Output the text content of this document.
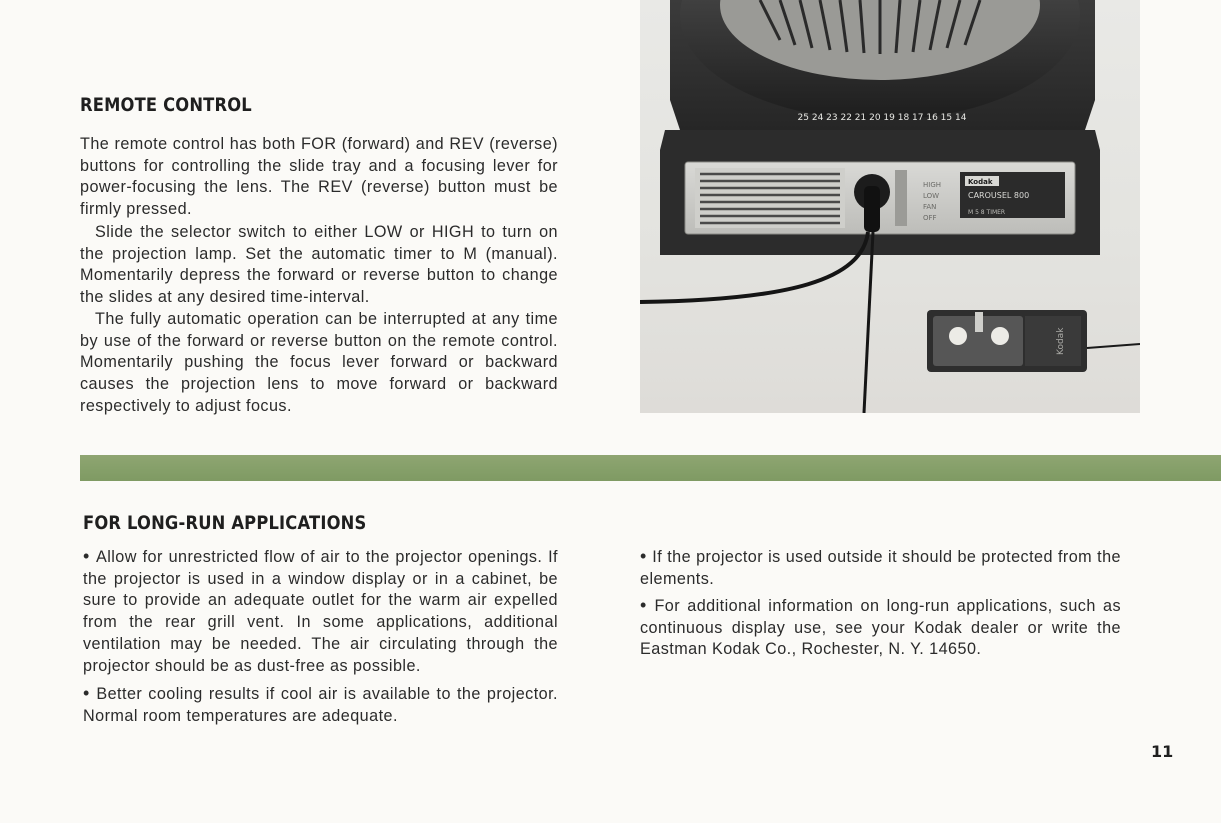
REMOTE CONTROL

The remote control has both FOR (forward) and REV (reverse) buttons for controlling the slide tray and a focusing lever for power-focusing the lens. The REV (reverse) button must be firmly pressed.

Slide the selector switch to either LOW or HIGH to turn on the projection lamp. Set the automatic timer to M (manual). Momentarily depress the forward or reverse button to change the slides at any desired time-interval.

The fully automatic operation can be interrupted at any time by use of the forward or reverse button on the remote control. Momentarily pushing the focus lever forward or backward causes the projection lens to move forward or backward respectively to adjust focus.

25 24 23 22 21 20 19 18 17 16 15 14
HIGH
LOW
FAN
OFF
Kodak
CAROUSEL 800
M 5 8 TIMER
Kodak
FOR LONG-RUN APPLICATIONS

• Allow for unrestricted flow of air to the projector openings. If the projector is used in a window display or in a cabinet, be sure to provide an adequate outlet for the warm air expelled from the rear grill vent. In some applications, additional ventilation may be needed. The air circulating through the projector should be as dust-free as possible.

• Better cooling results if cool air is available to the projector. Normal room temperatures are adequate.

• If the projector is used outside it should be protected from the elements.

• For additional information on long-run applications, such as continuous display use, see your Kodak dealer or write the Eastman Kodak Co., Rochester, N. Y. 14650.

11
